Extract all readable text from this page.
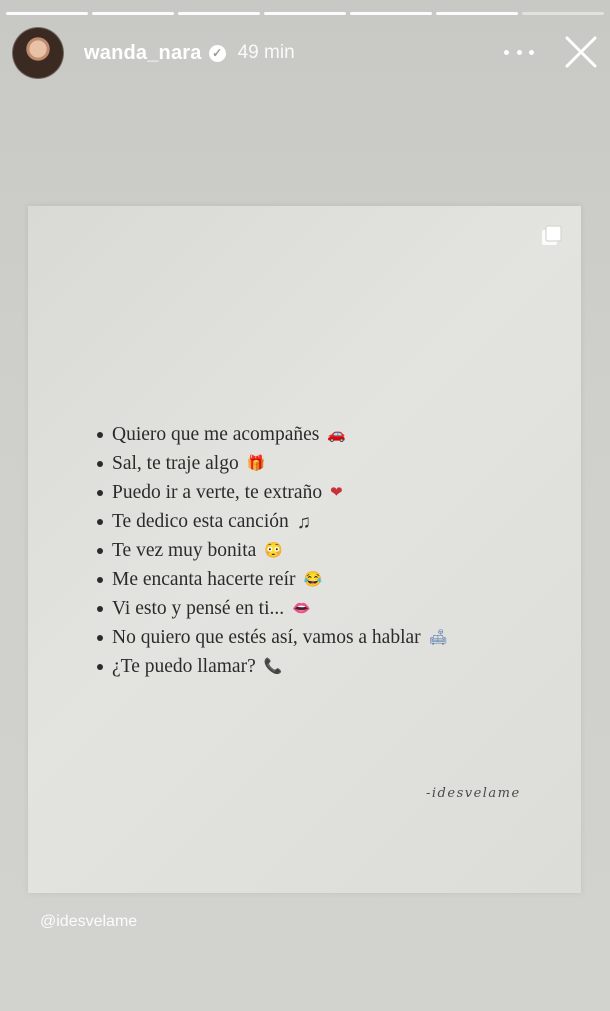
wanda_nara ✓ 49 min
Quiero que me acompañes 🚗
Sal, te traje algo 🎁
Puedo ir a verte, te extraño ❤
Te dedico esta canción ♫
Te vez muy bonita 😳
Me encanta hacerte reír 😂
Vi esto y pensé en ti... 👄
No quiero que estés así, vamos a hablar 🛋
¿Te puedo llamar? 📞
-idesvelame
@idesvelame
